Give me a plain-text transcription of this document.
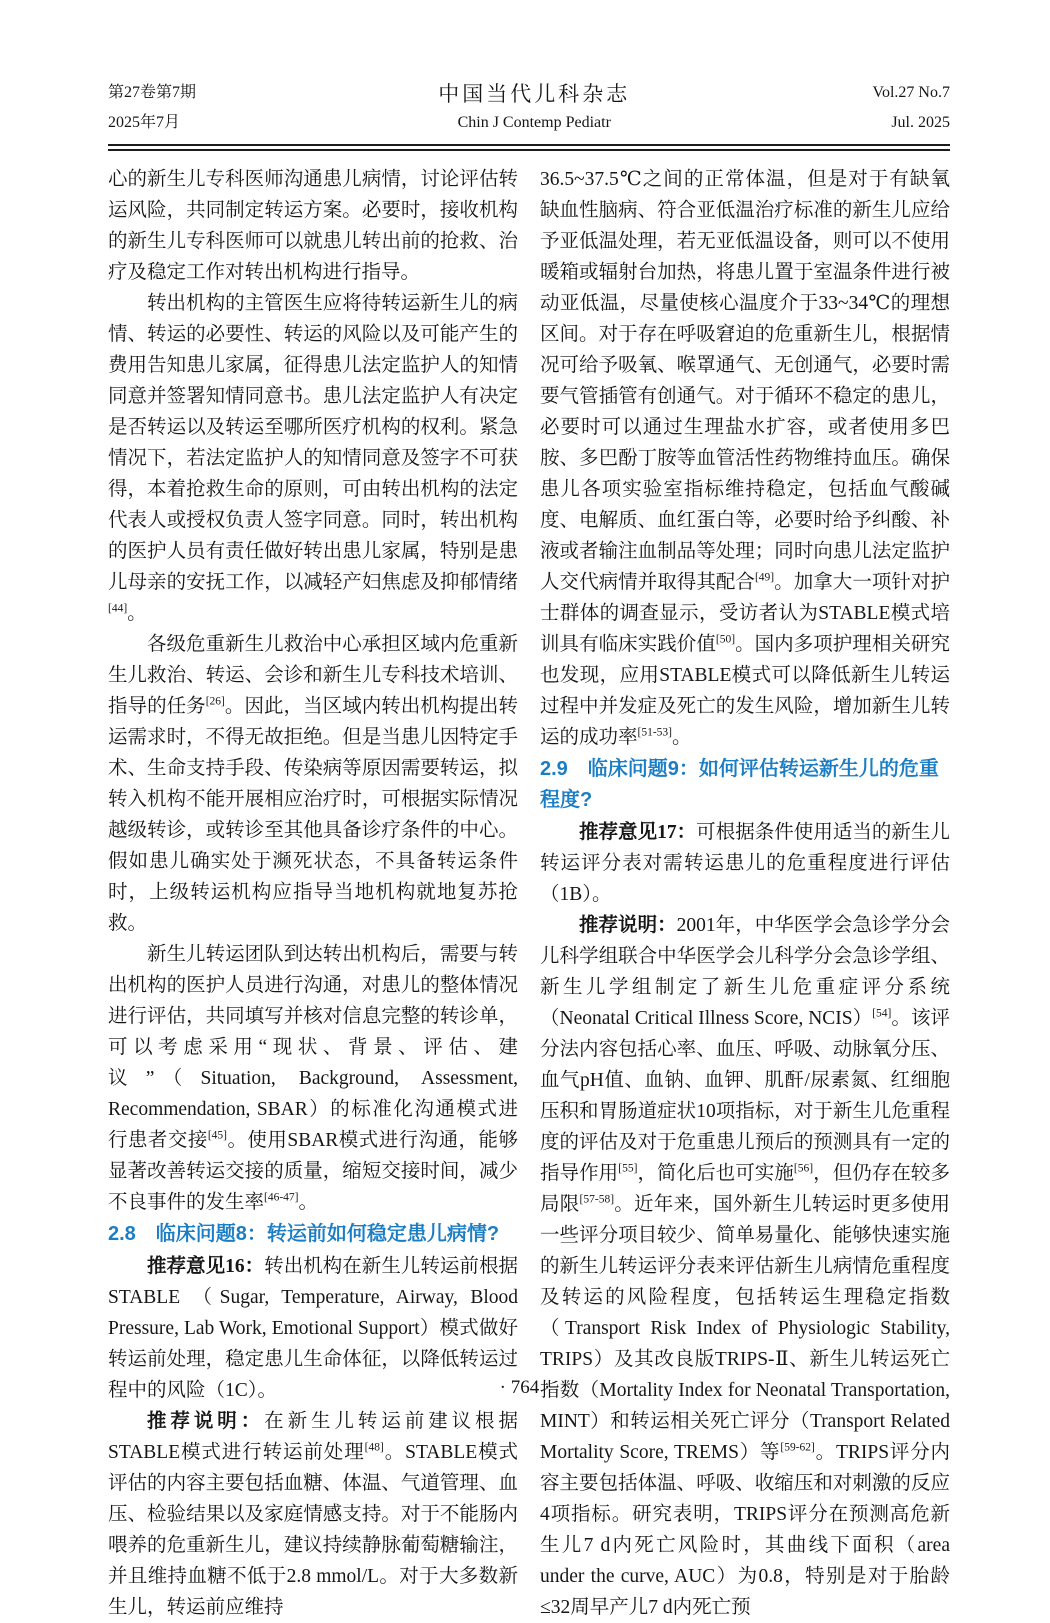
第27卷第7期
2025年7月
中国当代儿科杂志
Chin J Contemp Pediatr
Vol.27 No.7
Jul. 2025

心的新生儿专科医师沟通患儿病情，讨论评估转运风险，共同制定转运方案。必要时，接收机构的新生儿专科医师可以就患儿转出前的抢救、治疗及稳定工作对转出机构进行指导。

转出机构的主管医生应将待转运新生儿的病情、转运的必要性、转运的风险以及可能产生的费用告知患儿家属，征得患儿法定监护人的知情同意并签署知情同意书。患儿法定监护人有决定是否转运以及转运至哪所医疗机构的权利。紧急情况下，若法定监护人的知情同意及签字不可获得，本着抢救生命的原则，可由转出机构的法定代表人或授权负责人签字同意。同时，转出机构的医护人员有责任做好转出患儿家属，特别是患儿母亲的安抚工作，以减轻产妇焦虑及抑郁情绪[44]。

各级危重新生儿救治中心承担区域内危重新生儿救治、转运、会诊和新生儿专科技术培训、指导的任务[26]。因此，当区域内转出机构提出转运需求时，不得无故拒绝。但是当患儿因特定手术、生命支持手段、传染病等原因需要转运，拟转入机构不能开展相应治疗时，可根据实际情况越级转诊，或转诊至其他具备诊疗条件的中心。假如患儿确实处于濒死状态，不具备转运条件时，上级转运机构应指导当地机构就地复苏抢救。

新生儿转运团队到达转出机构后，需要与转出机构的医护人员进行沟通，对患儿的整体情况进行评估，共同填写并核对信息完整的转诊单，可以考虑采用“现状、背景、评估、建议”（Situation, Background, Assessment, Recommendation, SBAR）的标准化沟通模式进行患者交接[45]。使用SBAR模式进行沟通，能够显著改善转运交接的质量，缩短交接时间，减少不良事件的发生率[46-47]。

2.8　临床问题8：转运前如何稳定患儿病情?

推荐意见16：转出机构在新生儿转运前根据STABLE （Sugar, Temperature, Airway, Blood Pressure, Lab Work, Emotional Support）模式做好转运前处理，稳定患儿生命体征，以降低转运过程中的风险（1C）。

推荐说明：在新生儿转运前建议根据STABLE模式进行转运前处理[48]。STABLE模式评估的内容主要包括血糖、体温、气道管理、血压、检验结果以及家庭情感支持。对于不能肠内喂养的危重新生儿，建议持续静脉葡萄糖输注，并且维持血糖不低于2.8 mmol/L。对于大多数新生儿，转运前应维持

36.5~37.5℃之间的正常体温，但是对于有缺氧缺血性脑病、符合亚低温治疗标准的新生儿应给予亚低温处理，若无亚低温设备，则可以不使用暖箱或辐射台加热，将患儿置于室温条件进行被动亚低温，尽量使核心温度介于33~34℃的理想区间。对于存在呼吸窘迫的危重新生儿，根据情况可给予吸氧、喉罩通气、无创通气，必要时需要气管插管有创通气。对于循环不稳定的患儿，必要时可以通过生理盐水扩容，或者使用多巴胺、多巴酚丁胺等血管活性药物维持血压。确保患儿各项实验室指标维持稳定，包括血气酸碱度、电解质、血红蛋白等，必要时给予纠酸、补液或者输注血制品等处理；同时向患儿法定监护人交代病情并取得其配合[49]。加拿大一项针对护士群体的调查显示，受访者认为STABLE模式培训具有临床实践价值[50]。国内多项护理相关研究也发现，应用STABLE模式可以降低新生儿转运过程中并发症及死亡的发生风险，增加新生儿转运的成功率[51-53]。

2.9　临床问题9：如何评估转运新生儿的危重程度?

推荐意见17：可根据条件使用适当的新生儿转运评分表对需转运患儿的危重程度进行评估（1B）。

推荐说明：2001年，中华医学会急诊学分会儿科学组联合中华医学会儿科学分会急诊学组、新生儿学组制定了新生儿危重症评分系统（Neonatal Critical Illness Score, NCIS）[54]。该评分法内容包括心率、血压、呼吸、动脉氧分压、血气pH值、血钠、血钾、肌酐/尿素氮、红细胞压积和胃肠道症状10项指标，对于新生儿危重程度的评估及对于危重患儿预后的预测具有一定的指导作用[55]，简化后也可实施[56]，但仍存在较多局限[57-58]。近年来，国外新生儿转运时更多使用一些评分项目较少、简单易量化、能够快速实施的新生儿转运评分表来评估新生儿病情危重程度及转运的风险程度，包括转运生理稳定指数（Transport Risk Index of Physiologic Stability, TRIPS）及其改良版TRIPS-Ⅱ、新生儿转运死亡指数（Mortality Index for Neonatal Transportation, MINT）和转运相关死亡评分（Transport Related Mortality Score, TREMS）等[59-62]。TRIPS评分内容主要包括体温、呼吸、收缩压和对刺激的反应4项指标。研究表明，TRIPS评分在预测高危新生儿7 d内死亡风险时，其曲线下面积（area under the curve, AUC）为0.8，特别是对于胎龄≤32周早产儿7 d内死亡预

· 764 ·
